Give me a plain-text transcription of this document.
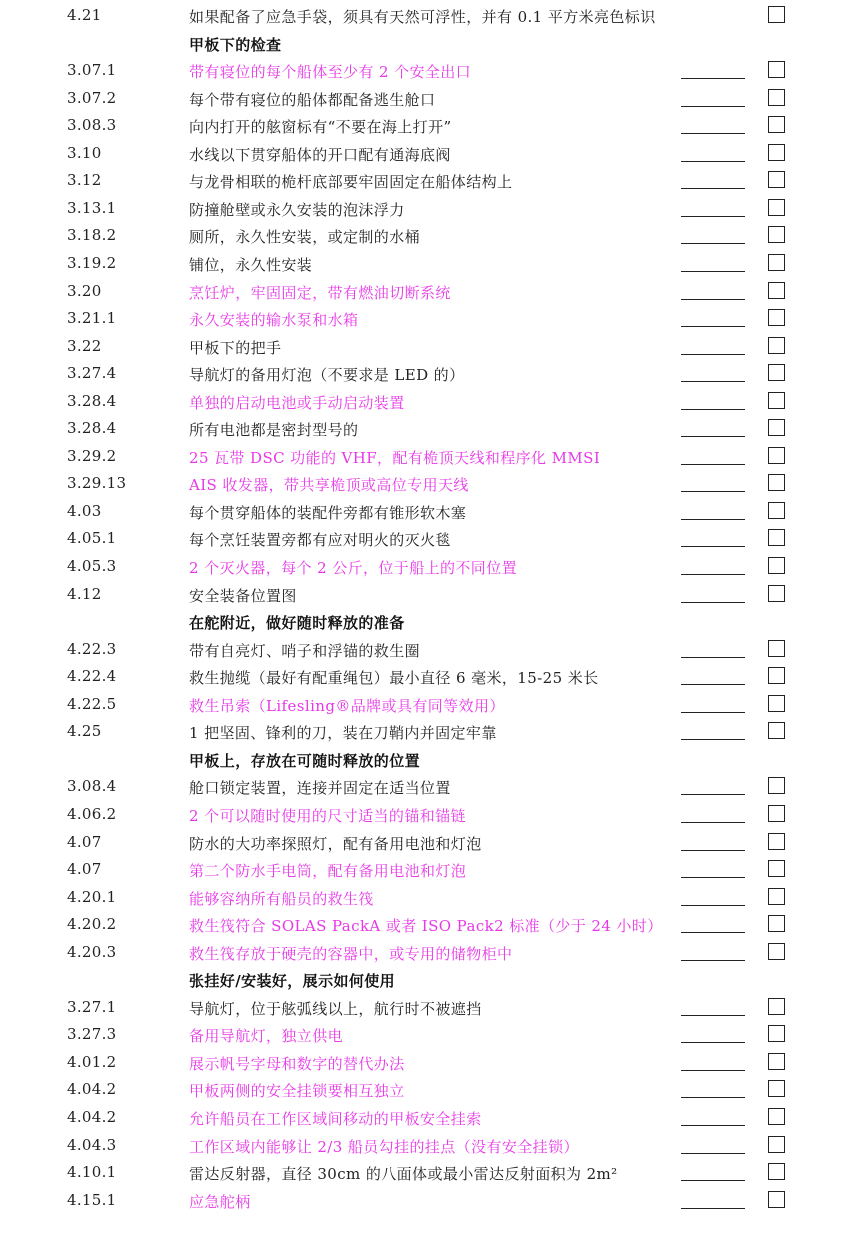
4.21	如果配备了应急手袋，须具有天然可浮性，并有 0.1 平方米亮色标识
甲板下的检查
3.07.1	带有寝位的每个船体至少有 2 个安全出口
3.07.2	每个带有寝位的船体都配备逃生舱口
3.08.3	向内打开的舷窗标有“不要在海上打开”
3.10	水线以下贯穿船体的开口配有通海底阀
3.12	与龙骨相联的桅杆底部要牢固固定在船体结构上
3.13.1	防撞舱壁或永久安装的泡沫浮力
3.18.2	厕所，永久性安装，或定制的水桶
3.19.2	铺位，永久性安装
3.20	烹饪炉，牢固固定，带有燃油切断系统
3.21.1	永久安装的输水泵和水箱
3.22	甲板下的把手
3.27.4	导航灯的备用灯泡（不要求是 LED 的）
3.28.4	单独的启动电池或手动启动装置
3.28.4	所有电池都是密封型号的
3.29.2	25 瓦带 DSC 功能的 VHF，配有桅顶天线和程序化 MMSI
3.29.13	AIS 收发器，带共享桅顶或高位专用天线
4.03	每个贯穿船体的装配件旁都有锥形软木塞
4.05.1	每个烹饪装置旁都有应对明火的灭火毯
4.05.3	2 个灭火器，每个 2 公斤，位于船上的不同位置
4.12	安全装备位置图
在舵附近，做好随时释放的准备
4.22.3	带有自亮灯、哨子和浮锚的救生圈
4.22.4	救生抛缆（最好有配重绳包）最小直径 6 毫米，15-25 米长
4.22.5	救生吊索（Lifesling®品牌或具有同等效用）
4.25	1 把坚固、锋利的刀，装在刀鞘内并固定牢靠
甲板上，存放在可随时释放的位置
3.08.4	舱口锁定装置，连接并固定在适当位置
4.06.2	2 个可以随时使用的尺寸适当的锚和锚链
4.07	防水的大功率探照灯，配有备用电池和灯泡
4.07	第二个防水手电筒，配有备用电池和灯泡
4.20.1	能够容纳所有船员的救生筏
4.20.2	救生筏符合 SOLAS PackA 或者 ISO Pack2 标准（少于 24 小时）
4.20.3	救生筏存放于硬壳的容器中，或专用的储物柜中
张挂好/安装好，展示如何使用
3.27.1	导航灯，位于舷弧线以上，航行时不被遮挡
3.27.3	备用导航灯，独立供电
4.01.2	展示帆号字母和数字的替代办法
4.04.2	甲板两侧的安全挂锁要相互独立
4.04.2	允许船员在工作区域间移动的甲板安全挂索
4.04.3	工作区域内能够让 2/3 船员勾挂的挂点（没有安全挂锁）
4.10.1	雷达反射器，直径 30cm 的八面体或最小雷达反射面积为 2m²
4.15.1	应急舵柄
